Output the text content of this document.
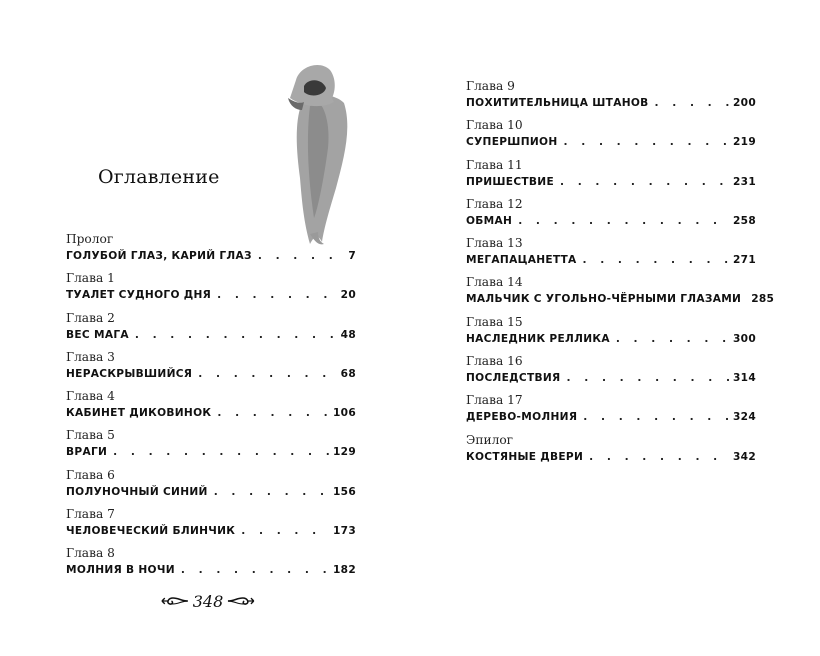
Оглавление
Пролог
ГОЛУБОЙ ГЛАЗ, КАРИЙ ГЛАЗ . . .	7
Глава 1
ТУАЛЕТ СУДНОГО ДНЯ . . .	20
Глава 2
ВЕС МАГА . . .	48
Глава 3
НЕРАСКРЫВШИЙСЯ . . .	68
Глава 4
КАБИНЕТ ДИКОВИНОК . . .	106
Глава 5
ВРАГИ . . .	129
Глава 6
ПОЛУНОЧНЫЙ СИНИЙ . . .	156
Глава 7
ЧЕЛОВЕЧЕСКИЙ БЛИНЧИК . . .	173
Глава 8
МОЛНИЯ В НОЧИ . . .	182
Глава 9
ПОХИТИТЕЛЬНИЦА ШТАНОВ . . .	200
Глава 10
СУПЕРШПИОН . . .	219
Глава 11
ПРИШЕСТВИЕ . . .	231
Глава 12
ОБМАН . . .	258
Глава 13
МЕГАПАЦАНЕТТА . . .	271
Глава 14
МАЛЬЧИК С УГОЛЬНО-ЧЁРНЫМИ ГЛАЗАМИ 285
Глава 15
НАСЛЕДНИК РЕЛЛИКА . . .	300
Глава 16
ПОСЛЕДСТВИЯ . . .	314
Глава 17
ДЕРЕВО-МОЛНИЯ . . .	324
Эпилог
КОСТЯНЫЕ ДВЕРИ . . .	342
348
